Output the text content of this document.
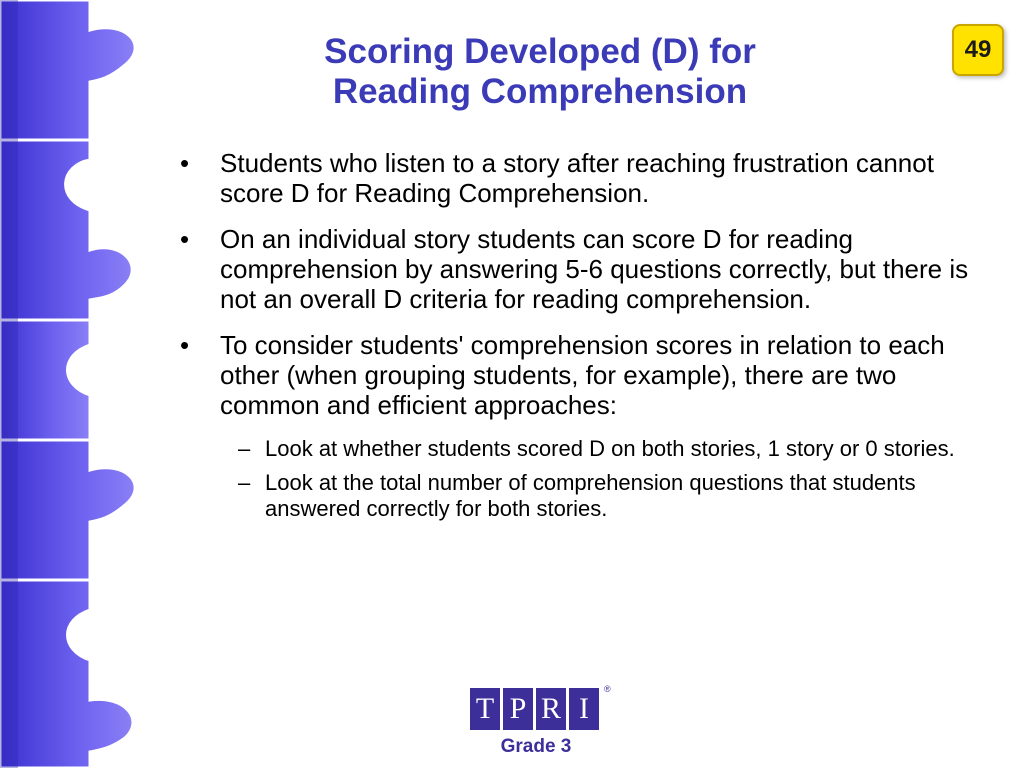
Scoring Developed (D) for
Reading Comprehension
49
• Students who listen to a story after reaching frustration cannot score D for Reading Comprehension.
• On an individual story students can score D for reading comprehension by answering 5-6 questions correctly, but there is not an overall D criteria for reading comprehension.
• To consider students' comprehension scores in relation to each other (when grouping students, for example), there are two common and efficient approaches:
– Look at whether students scored D on both stories, 1 story or 0 stories.
– Look at the total number of comprehension questions that students answered correctly for both stories.
T P R I
®
Grade 3
